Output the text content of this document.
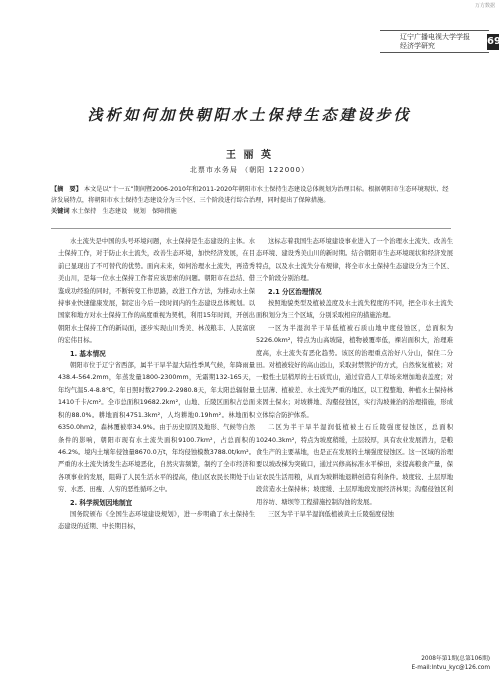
万方数据
辽宁广播电视大学学报
经济学研究	69
浅析如何加快朝阳水土保持生态建设步伐
王 丽 英
北票市水务局 （朝阳 122000）
【摘　要】 本文是以“十一五”期间暨2006-2010年和2011-2020年朝阳市水土保持生态建设总体规划为治理目标。根据朝阳市生态环境现状、经济发展特点，将朝阳市水土保持生态建设分为三个区、三个阶段进行综合治理，同时提出了保障措施。
关键词 水土保持　生态建设　规划　保障措施

水土流失是中国的头号环境问题，水土保持是生态建设的主体。水土保持工作，对于防止水土流失，改善生态环境，加快经济发展，在目前已显现出了不可替代的优势。面向未来，如何治理水土流失，再造秀美山川，是每一位水土保持工作者应该思索的问题。朝阳市在总结、借鉴成功经验的同时，不断转变工作思路，改进工作方法，为推动水土保持事业快速健康发展，制定出今后一段时间内的生态建设总体规划。以国家和地方对水土保持工作的高度重视为契机，利用15年时间，开创出朝阳水土保持工作的新局面，逐步实现山川秀美、林茂粮丰、人民富庶的宏伟目标。

1. 基本情况

朝阳市位于辽宁省西部，属半干旱半湿大陆性季风气候，年降雨量438.4-564.2mm，年蒸发量1800-2300mm，无霜期132-165天，年均气温5.4-8.8℃，年日照时数2799.2-2980.8天，年太阳总辐射量1410千卡/cm²。全市总面积19682.2km²，山地、丘陵区面积占总面积的88.0%。耕地面积4751.3km²，人均耕地0.19hm²。林地面积6350.0hm2，森林覆被率34.9%。由于历史原因及地形、气候等自然条件的影响，朝阳市现有水土流失面积9100.7km²，占总面积的46.2%。境内土壤年侵蚀量8670.0万t，年均侵蚀模数3788.0t/km²。严重的水土流失诱发生态环境恶化，自然灾害频繁，制约了全市经济和各项事业的发展，阻碍了人民生活水平的提高，使山区农民长期处于山穷、水恶、田瘦、人穷的恶性循环之中。

2. 科学规划因地制宜

国务院颁布《全国生态环境建设规划》，进一步明确了水土保持生态建设的近期、中长期目标，

这标志着我国生态环境建设事业进入了一个治理水土流失、改善生态环境、建设秀美山川的新时期。结合朝阳市生态环境现状和经济发展特点，以及水土流失分布规律，将全市水土保持生态建设分为三个区、三个阶段分别治理。

2.1 分区治理情况

按照地貌类型及植被盖度及水土流失程度的不同，把全市水土流失面积划分为三个区域，分别采取相应的措施治理。

一区为半湿润半干旱低植被石质山地中度侵蚀区，总面积为5226.0km²，特点为山高坡陡，植物被覆率低，裸岩面积大，治理难度高，水土流失有恶化趋势。该区的治理重点治好八分山，保住二分田。对植被较好的高山远山，采取封禁管护的方式，自然恢复植被；对一般性土层稍厚的土石质荒山，通过营造人工草场来增加地表盖度；对土层薄、植被差、水土流失严重的地区，以工程整地、种植水土保持林来固土保水；对坡耕地、沟壑侵蚀区，实行沟坡兼治的治理措施，形成立体综合防护体系。

二区为半干旱半湿润低植被土石丘陵强度侵蚀区，总面积10240.3km²，特点为坡度稍缓，土层较厚，具有农业发展潜力，是粮食生产的主要基地，也是正在发展的土壤强度侵蚀区。这一区域的治理要以坡改梯为突破口，通过兴修高标准水平梯田，来提高粮食产量，保证农民生活用粮，从而为坡耕地退耕创造有利条件。坡度较、土层厚地段营造水土保持林；坡度缓、土层厚地段发展经济林果；沟壑侵蚀区利用谷坊、塘坝等工程措施控制沟蚀的发展。

三区为半干旱半湿润低植被黄土丘陵强度侵蚀

2008年第1期(总第106期)
E-mail:lntvu_kyc@126.com
